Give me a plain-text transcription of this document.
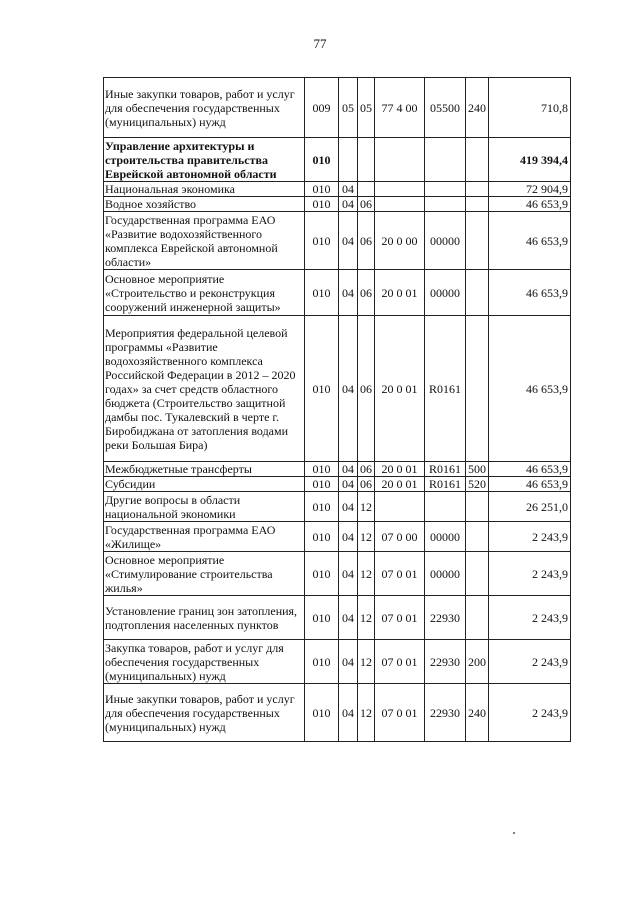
77
Иные закупки товаров, работ и услуг для обеспечения государственных (муниципальных) нужд	009	05	05	77 4 00	05500	240	710,8
Управление архитектуры и строительства правительства Еврейской автономной области	010						419 394,4
Национальная экономика	010	04					72 904,9
Водное хозяйство	010	04	06				46 653,9
Государственная программа ЕАО «Развитие водохозяйственного комплекса Еврейской автономной области»	010	04	06	20 0 00	00000		46 653,9
Основное мероприятие «Строительство и реконструкция сооружений инженерной защиты»	010	04	06	20 0 01	00000		46 653,9
Мероприятия федеральной целевой программы «Развитие водохозяйственного комплекса Российской Федерации в 2012 – 2020 годах» за счет средств областного бюджета (Строительство защитной дамбы пос. Тукалевский в черте г. Биробиджана от затопления водами реки Большая Бира)	010	04	06	20 0 01	R0161		46 653,9
Межбюджетные трансферты	010	04	06	20 0 01	R0161	500	46 653,9
Субсидии	010	04	06	20 0 01	R0161	520	46 653,9
Другие вопросы в области национальной экономики	010	04	12				26 251,0
Государственная программа ЕАО «Жилище»	010	04	12	07 0 00	00000		2 243,9
Основное мероприятие «Стимулирование строительства жилья»	010	04	12	07 0 01	00000		2 243,9
Установление границ зон затопления, подтопления населенных пунктов	010	04	12	07 0 01	22930		2 243,9
Закупка товаров, работ и услуг для обеспечения государственных (муниципальных) нужд	010	04	12	07 0 01	22930	200	2 243,9
Иные закупки товаров, работ и услуг для обеспечения государственных (муниципальных) нужд	010	04	12	07 0 01	22930	240	2 243,9
